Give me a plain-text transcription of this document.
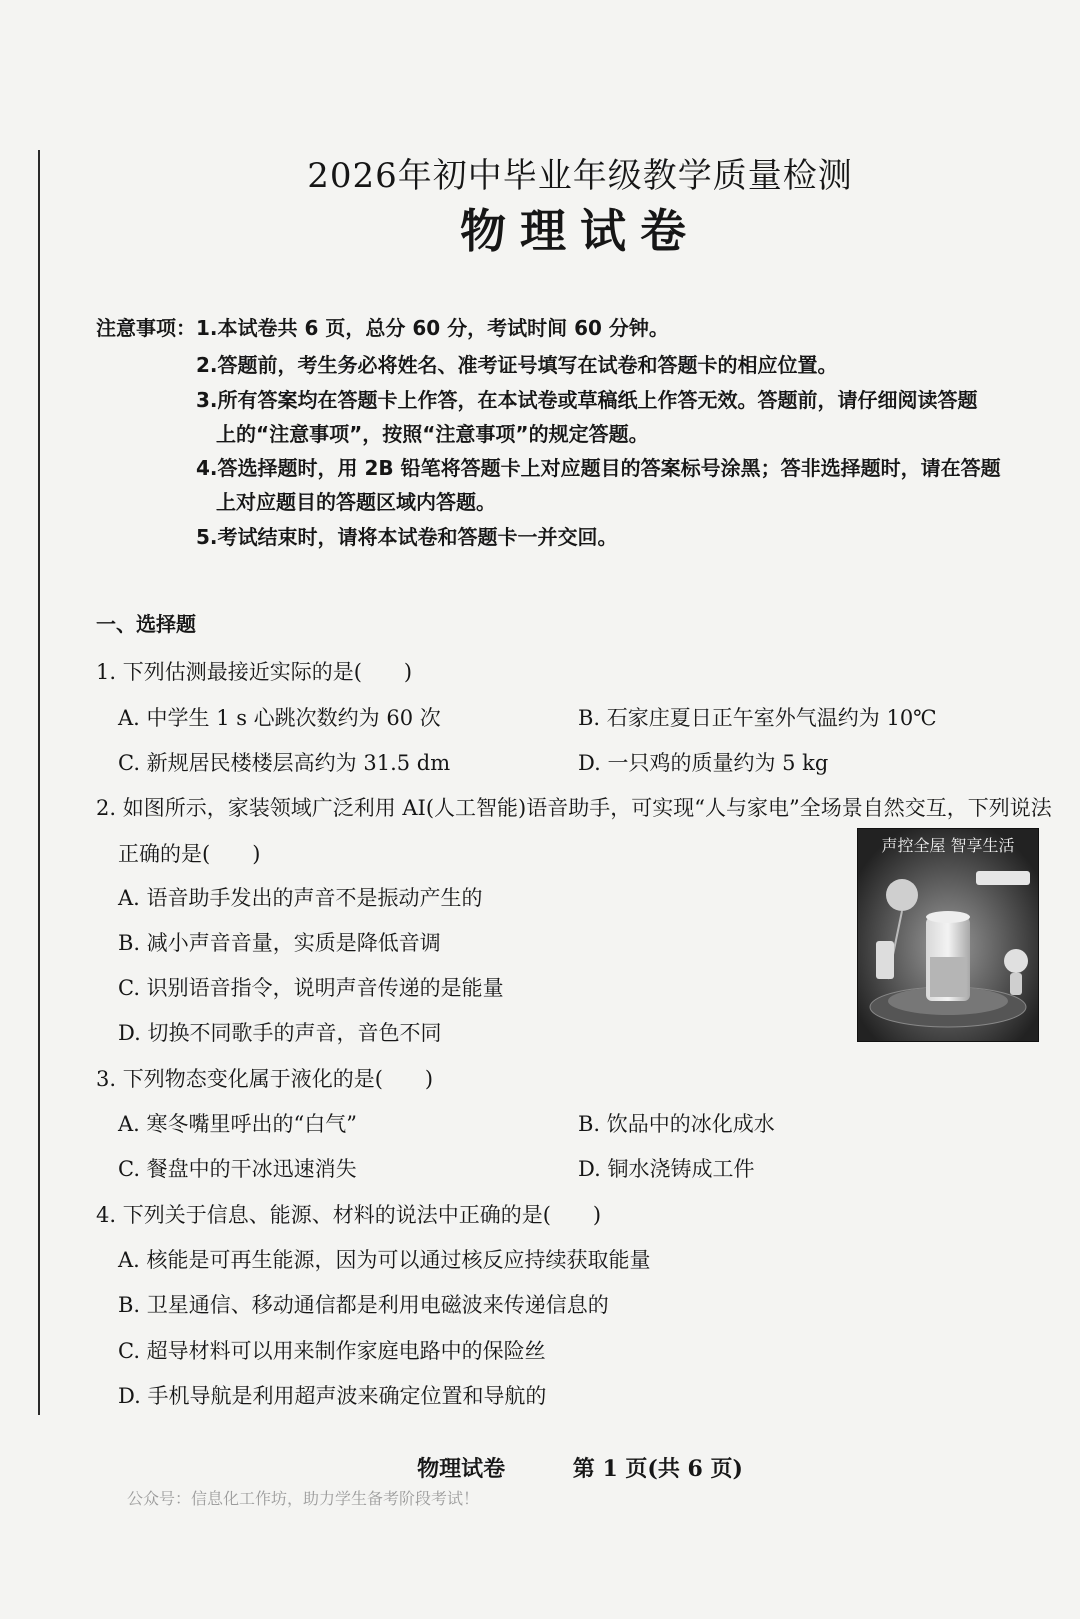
2026年初中毕业年级教学质量检测
物理试卷
注意事项： 1.本试卷共 6 页，总分 60 分，考试时间 60 分钟。
2.答题前，考生务必将姓名、准考证号填写在试卷和答题卡的相应位置。
3.所有答案均在答题卡上作答，在本试卷或草稿纸上作答无效。答题前，请仔细阅读答题
上的“注意事项”，按照“注意事项”的规定答题。
4.答选择题时，用 2B 铅笔将答题卡上对应题目的答案标号涂黑；答非选择题时，请在答题
上对应题目的答题区域内答题。
5.考试结束时，请将本试卷和答题卡一并交回。
一、选择题
1. 下列估测最接近实际的是(　　)
A. 中学生 1 s 心跳次数约为 60 次	B. 石家庄夏日正午室外气温约为 10℃
C. 新规居民楼楼层高约为 31.5 dm	D. 一只鸡的质量约为 5 kg
2. 如图所示，家装领域广泛利用 AI(人工智能)语音助手，可实现“人与家电”全场景自然交互，下列说法
正确的是(　　)
A. 语音助手发出的声音不是振动产生的
B. 减小声音音量，实质是降低音调
C. 识别语音指令，说明声音传递的是能量
D. 切换不同歌手的声音，音色不同
声控全屋 智享生活
3. 下列物态变化属于液化的是(　　)
A. 寒冬嘴里呼出的“白气”	B. 饮品中的冰化成水
C. 餐盘中的干冰迅速消失	D. 铜水浇铸成工件
4. 下列关于信息、能源、材料的说法中正确的是(　　)
A. 核能是可再生能源，因为可以通过核反应持续获取能量
B. 卫星通信、移动通信都是利用电磁波来传递信息的
C. 超导材料可以用来制作家庭电路中的保险丝
D. 手机导航是利用超声波来确定位置和导航的
物理试卷	第 1 页(共 6 页)
公众号：信息化工作坊，助力学生备考阶段考试！
